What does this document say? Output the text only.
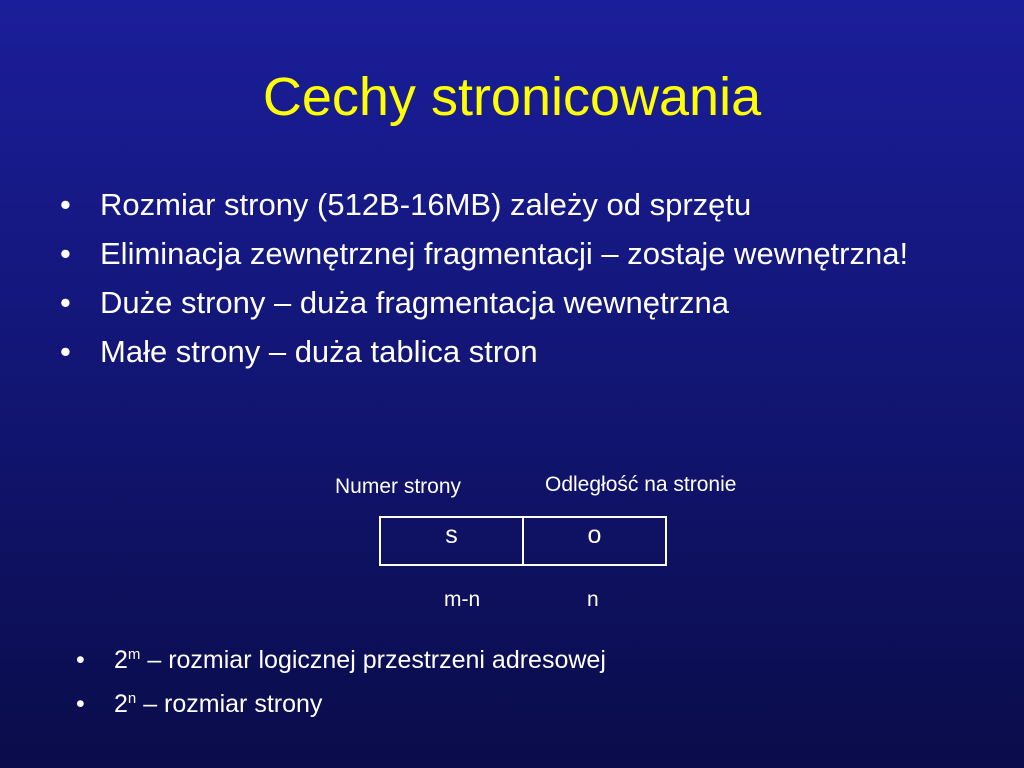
Cechy stronicowania
• Rozmiar strony (512B-16MB) zależy od sprzętu
• Eliminacja zewnętrznej fragmentacji – zostaje wewnętrzna!
• Duże strony – duża fragmentacja wewnętrzna
• Małe strony – duża tablica stron
Numer strony	Odległość na stronie
s	o
m-n	n
• 2$^m$ – rozmiar logicznej przestrzeni adresowej
• 2$^n$ – rozmiar strony
